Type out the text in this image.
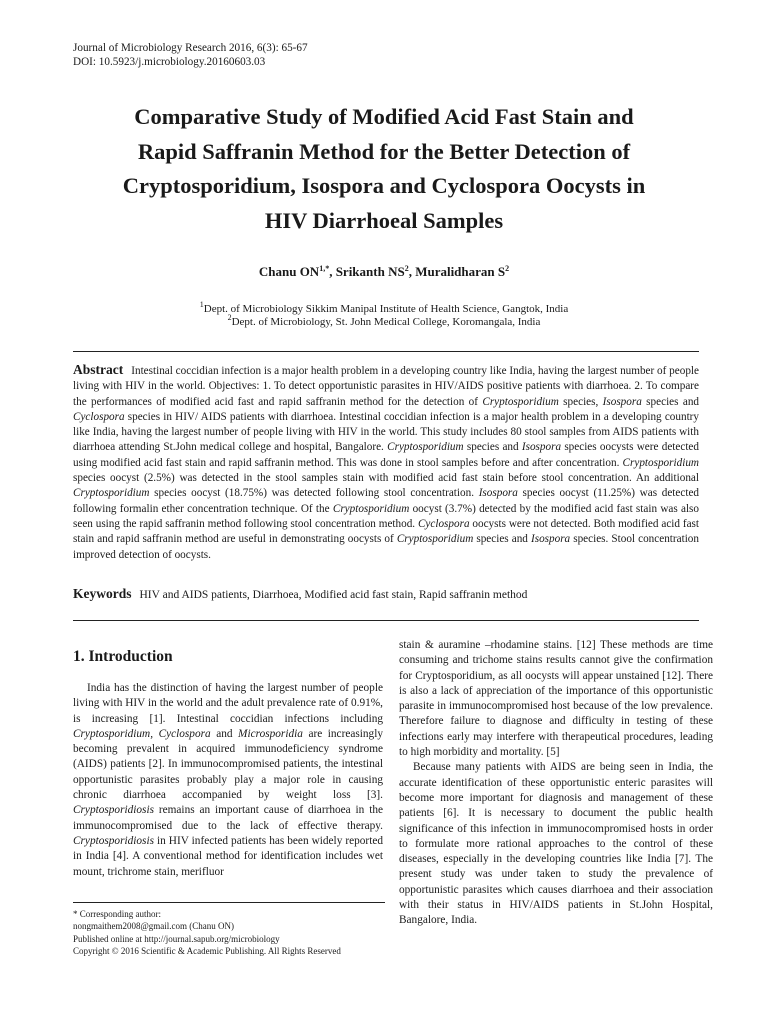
Journal of Microbiology Research 2016, 6(3): 65-67
DOI: 10.5923/j.microbiology.20160603.03
Comparative Study of Modified Acid Fast Stain and
Rapid Saffranin Method for the Better Detection of
Cryptosporidium, Isospora and Cyclospora Oocysts in
HIV Diarrhoeal Samples
Chanu $ON^{1,*}$, Srikanth $NS^2$, Muralidharan $S^2$
$^1$Dept. of Microbiology Sikkim Manipal Institute of Health Science, Gangtok, India
$^2$Dept. of Microbiology, St. John Medical College, Koromangala, India
Abstract Intestinal coccidian infection is a major health problem in a developing country like India, having the largest number of people living with HIV in the world. Objectives: 1. To detect opportunistic parasites in HIV/AIDS positive patients with diarrhoea. 2. To compare the performances of modified acid fast and rapid saffranin method for the detection of Cryptosporidium species, Isospora species and Cyclospora species in HIV/ AIDS patients with diarrhoea. Intestinal coccidian infection is a major health problem in a developing country like India, having the largest number of people living with HIV in the world. This study includes 80 stool samples from AIDS patients with diarrhoea attending St.John medical college and hospital, Bangalore. Cryptosporidium species and Isospora species oocysts were detected using modified acid fast stain and rapid saffranin method. This was done in stool samples before and after concentration. Cryptosporidium species oocyst (2.5%) was detected in the stool samples stain with modified acid fast stain before stool concentration. An additional Cryptosporidium species oocyst (18.75%) was detected following stool concentration. Isospora species oocyst (11.25%) was detected following formalin ether concentration technique. Of the Cryptosporidium oocyst (3.7%) detected by the modified acid fast stain was also seen using the rapid saffranin method following stool concentration method. Cyclospora oocysts were not detected. Both modified acid fast stain and rapid saffranin method are useful in demonstrating oocysts of Cryptosporidium species and Isospora species. Stool concentration improved detection of oocysts.
Keywords HIV and AIDS patients, Diarrhoea, Modified acid fast stain, Rapid saffranin method
1. Introduction

India has the distinction of having the largest number of people living with HIV in the world and the adult prevalence rate of 0.91%, is increasing [1]. Intestinal coccidian infections including Cryptosporidium, Cyclospora and Microsporidia are increasingly becoming prevalent in acquired immunodeficiency syndrome (AIDS) patients [2]. In immunocompromised patients, the intestinal opportunistic parasites probably play a major role in causing chronic diarrhoea accompanied by weight loss [3]. Cryptosporidiosis remains an important cause of diarrhoea in the immunocompromised due to the lack of effective therapy. Cryptosporidiosis in HIV infected patients has been widely reported in India [4]. A conventional method for identification includes wet mount, trichrome stain, merifluor

* Corresponding author:
nongmaithem2008@gmail.com (Chanu ON)
Published online at http://journal.sapub.org/microbiology
Copyright © 2016 Scientific & Academic Publishing. All Rights Reserved

stain & auramine –rhodamine stains. [12] These methods are time consuming and trichome stains results cannot give the confirmation for Cryptosporidium, as all oocysts will appear unstained [12]. There is also a lack of appreciation of the importance of this opportunistic parasite in immunocompromised host because of the low prevalence. Therefore failure to diagnose and difficulty in testing of these infections early may interfere with therapeutical procedures, leading to high morbidity and mortality. [5]

Because many patients with AIDS are being seen in India, the accurate identification of these opportunistic enteric parasites will become more important for diagnosis and management of these patients [6]. It is necessary to document the public health significance of this infection in immunocompromised hosts in order to formulate more rational approaches to the control of these diseases, especially in the developing countries like India [7]. The present study was under taken to study the prevalence of opportunistic parasites which causes diarrhoea and their association with their status in HIV/AIDS patients in St.John Hospital, Bangalore, India.
